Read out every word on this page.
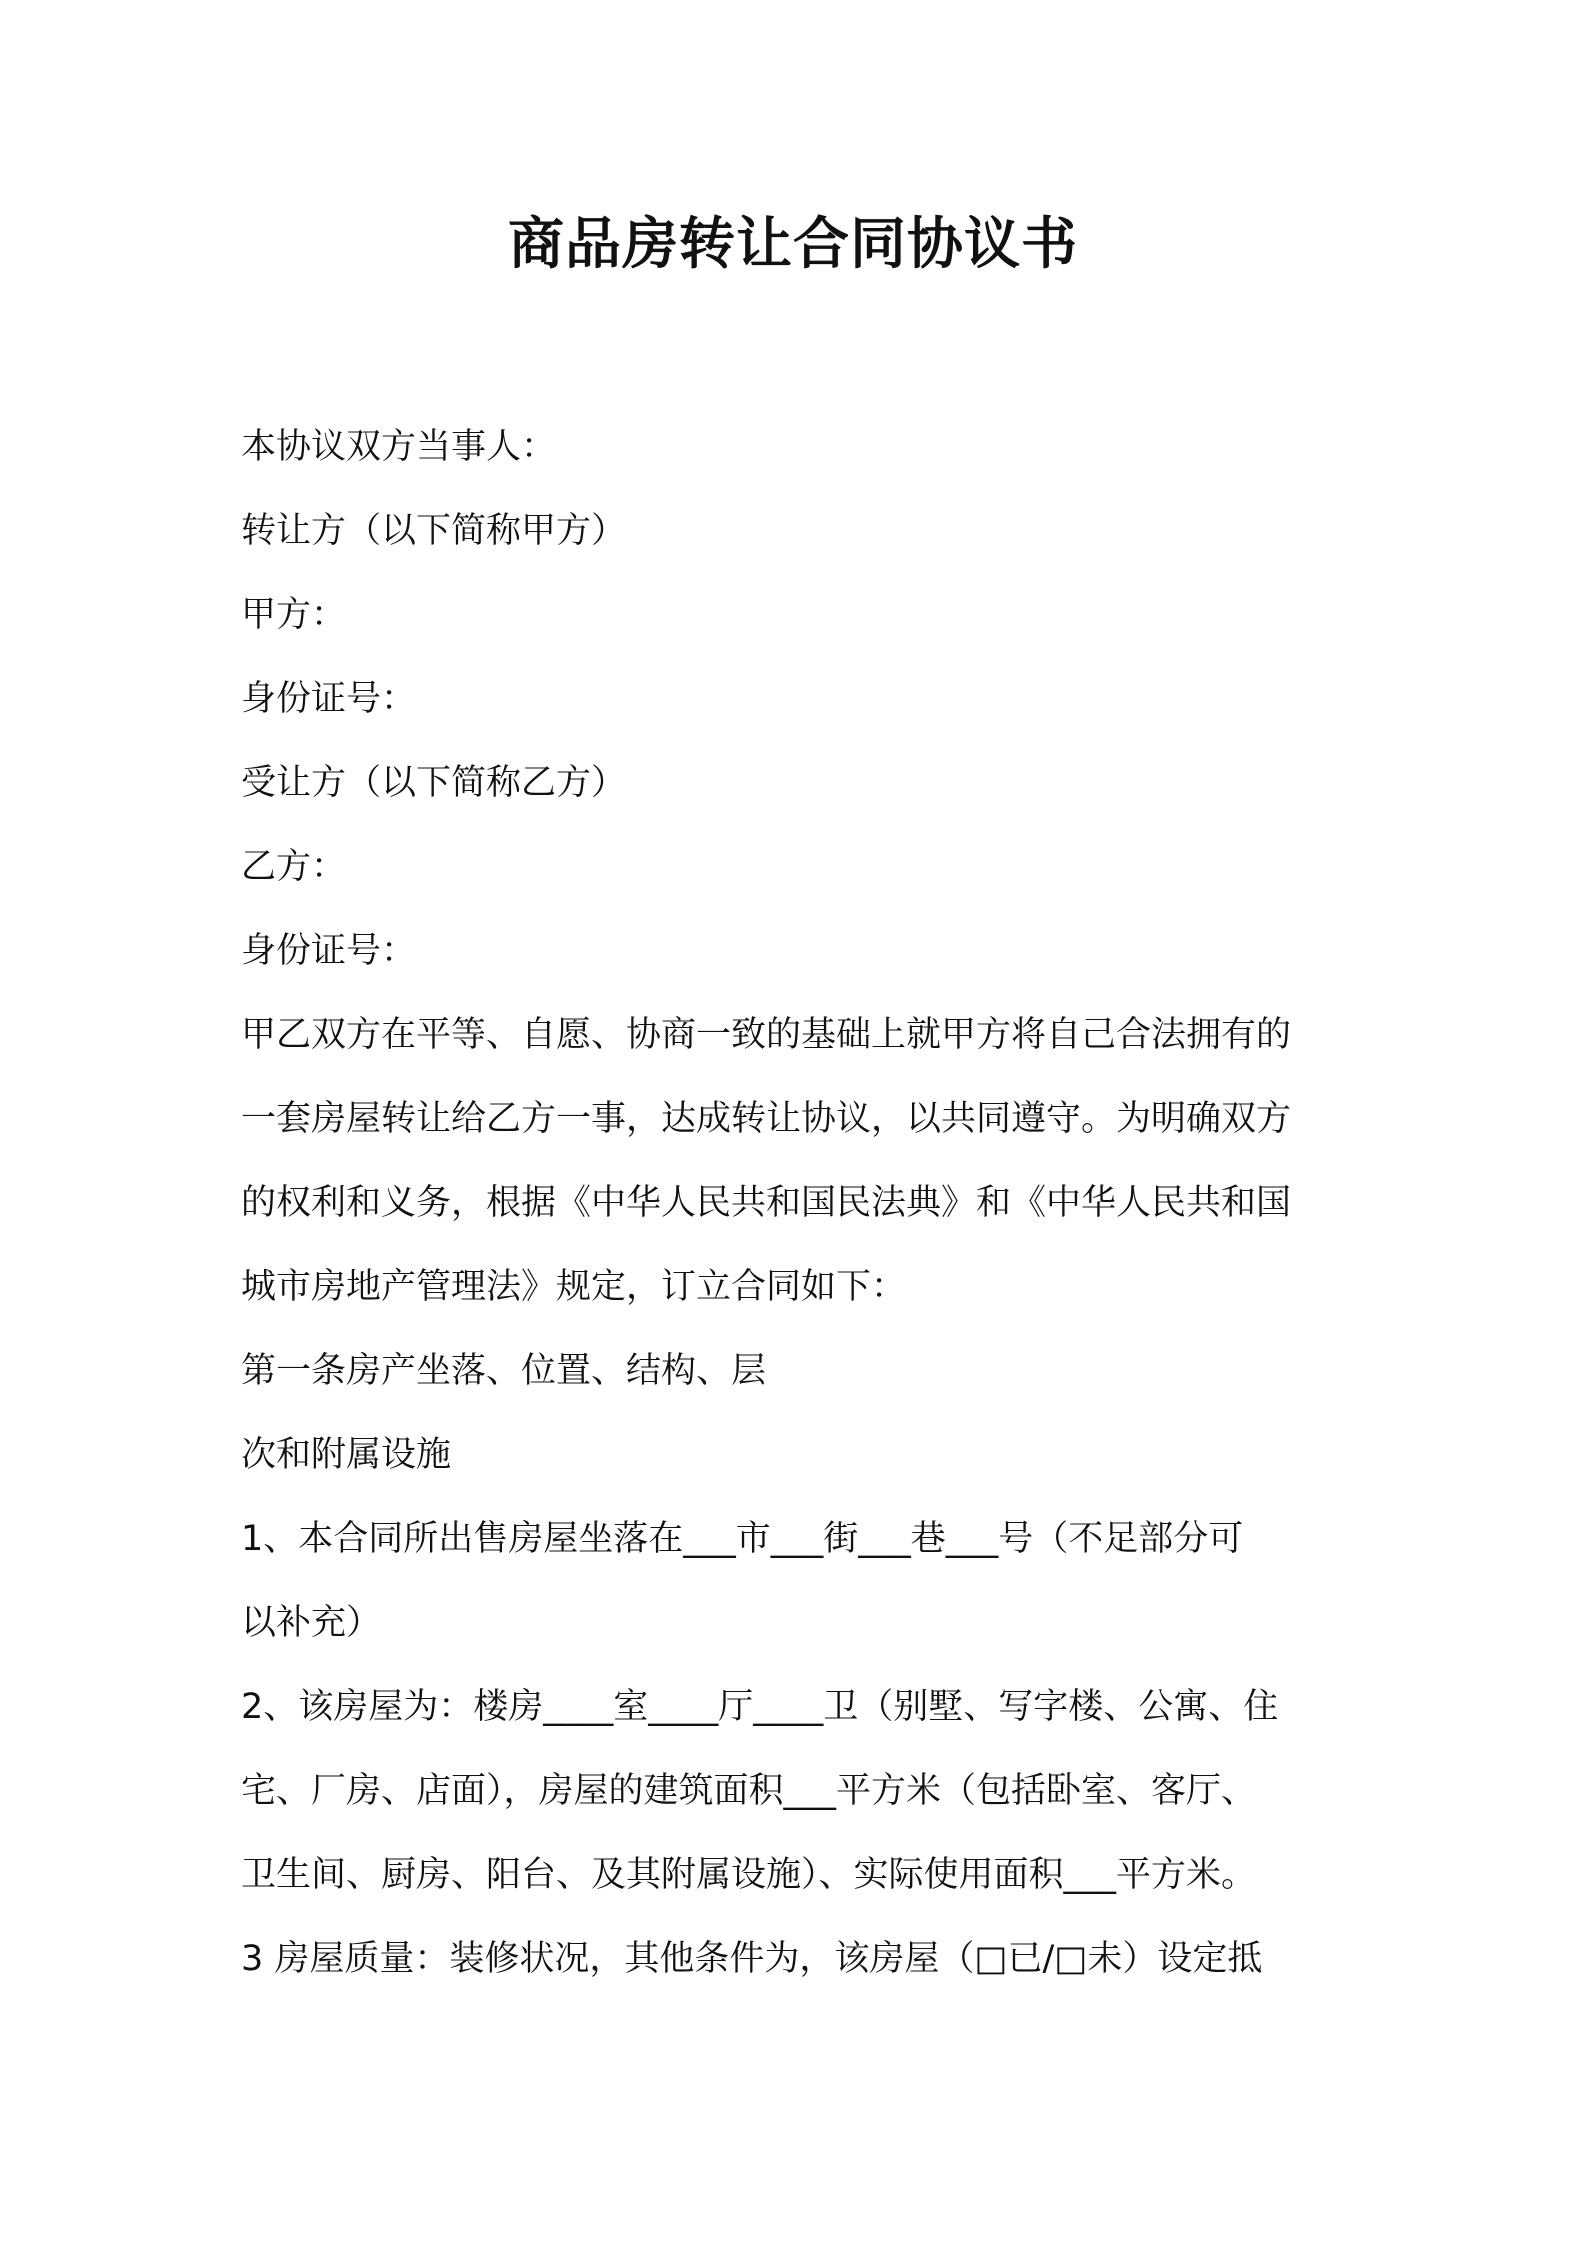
商品房转让合同协议书
本协议双方当事人：
转让方（以下简称甲方）
甲方：
身份证号：
受让方（以下简称乙方）
乙方：
身份证号：
甲乙双方在平等、自愿、协商一致的基础上就甲方将自己合法拥有的
一套房屋转让给乙方一事，达成转让协议，以共同遵守。为明确双方
的权利和义务，根据《中华人民共和国民法典》和《中华人民共和国
城市房地产管理法》规定，订立合同如下：
第一条房产坐落、位置、结构、层
次和附属设施
1、本合同所出售房屋坐落在___市___街___巷___号（不足部分可
以补充）
2、该房屋为：楼房____室____厅____卫（别墅、写字楼、公寓、住
宅、厂房、店面），房屋的建筑面积___平方米（包括卧室、客厅、
卫生间、厨房、阳台、及其附属设施）、实际使用面积___平方米。
3 房屋质量：装修状况，其他条件为，该房屋（□已/□未）设定抵
